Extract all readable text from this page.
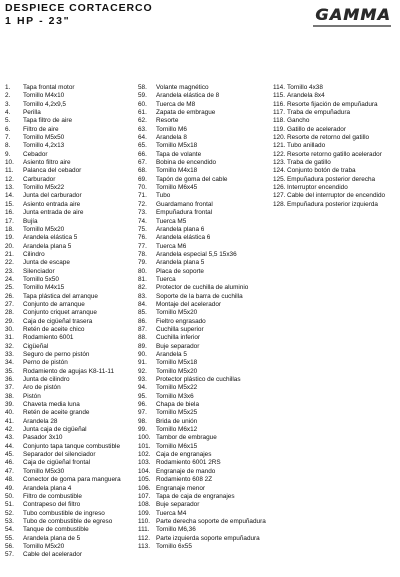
DESPIECE CORTACERCO
1 HP - 23"	GAMMA
1.	Tapa frontal motor
2.	Tornillo M4x10
3.	Tornillo 4,2x9,5
4.	Perilla
5.	Tapa filtro de aire
6.	Filtro de aire
7.	Tornillo M5x50
8.	Tornillo 4,2x13
9.	Cebador
10.	Asiento filtro aire
11.	Palanca del cebador
12.	Carburador
13.	Tornillo M5x22
14.	Junta del carburador
15.	Asiento entrada aire
16.	Junta entrada de aire
17.	Bujía
18.	Tornillo M5x20
19.	Arandela elástica 5
20.	Arandela plana 5
21.	Cilindro
22.	Junta de escape
23.	Silenciador
24.	Tornillo 5x50
25.	Tornillo M4x15
26.	Tapa plástica del arranque
27.	Conjunto de arranque
28.	Conjunto criquet arranque
29.	Caja de cigüeñal trasera
30.	Retén de aceite chico
31.	Rodamiento 6001
32.	Cigüeñal
33.	Seguro de perno pistón
34.	Perno de pistón
35.	Rodamiento de agujas K8-11-11
36.	Junta de cilindro
37.	Aro de pistón
38.	Pistón
39.	Chaveta media luna
40.	Retén de aceite grande
41.	Arandela 28
42.	Junta caja de cigüeñal
43.	Pasador 3x10
44.	Conjunto tapa tanque combustible
45.	Separador del silenciador
46.	Caja de cigüeñal frontal
47.	Tornillo M5x30
48.	Conector de goma para manguera
49.	Arandela plana 4
50.	Filtro de combustible
51.	Contrapeso del filtro
52.	Tubo combustible de ingreso
53.	Tubo de combustible de egreso
54.	Tanque de combustible
55.	Arandela plana de 5
56.	Tornillo M5x20
57.	Cable del acelerador
58.	Volante magnético
59.	Arandela elástica de 8
60.	Tuerca de M8
61.	Zapata de embrague
62.	Resorte
63.	Tornillo M6
64.	Arandela 8
65.	Tornillo M5x18
66.	Tapa de volante
67.	Bobina de encendido
68.	Tornillo M4x18
69.	Tapón de goma del cable
70.	Tornillo M6x45
71.	Tubo
72.	Guardamano frontal
73.	Empuñadura frontal
74.	Tuerca M5
75.	Arandela plana 6
76.	Arandela elástica 6
77.	Tuerca M6
78.	Arandela especial 5,5 15x36
79.	Arandela plana 5
80.	Placa de soporte
81.	Tuerca
82.	Protector de cuchilla de aluminio
83.	Soporte de la barra de cuchilla
84.	Montaje del acelerador
85.	Tornillo M5x20
86.	Fieltro engrasado
87.	Cuchilla superior
88.	Cuchilla inferior
89.	Buje separador
90.	Arandela 5
91.	Tornillo M5x18
92.	Tornillo M5x20
93.	Protector plástico de cuchillas
94.	Tornillo M5x22
95.	Tornillo M3x6
96.	Chapa de biela
97.	Tornillo M5x25
98.	Brida de unión
99.	Tornillo M6x12
100. Tambor de embrague
101. Tornillo M6x15
102. Caja de engranajes
103. Rodamiento 6001 2RS
104. Engranaje de mando
105. Rodamiento 608 2Z
106. Engranaje menor
107. Tapa de caja de engranajes
108. Buje separador
109. Tuerca M4
110. Parte derecha soporte de empuñadura
111.	Tornillo M6,36
112. Parte izquierda soporte empuñadura
113. Tornillo 6x55
114. Tornillo 4x38
115. Arandela 8x4
116. Resorte fijación de empuñadura
117. Traba de empuñadura
118. Gancho
119. Gatillo de acelerador
120. Resorte de retorno del gatillo
121. Tubo anillado
122. Resorte retorno gatillo acelerador
123. Traba de gatillo
124. Conjunto botón de traba
125. Empuñadura posterior derecha
126. Interruptor encendido
127. Cable del interruptor de encendido
128. Empuñadura posterior izquierda
